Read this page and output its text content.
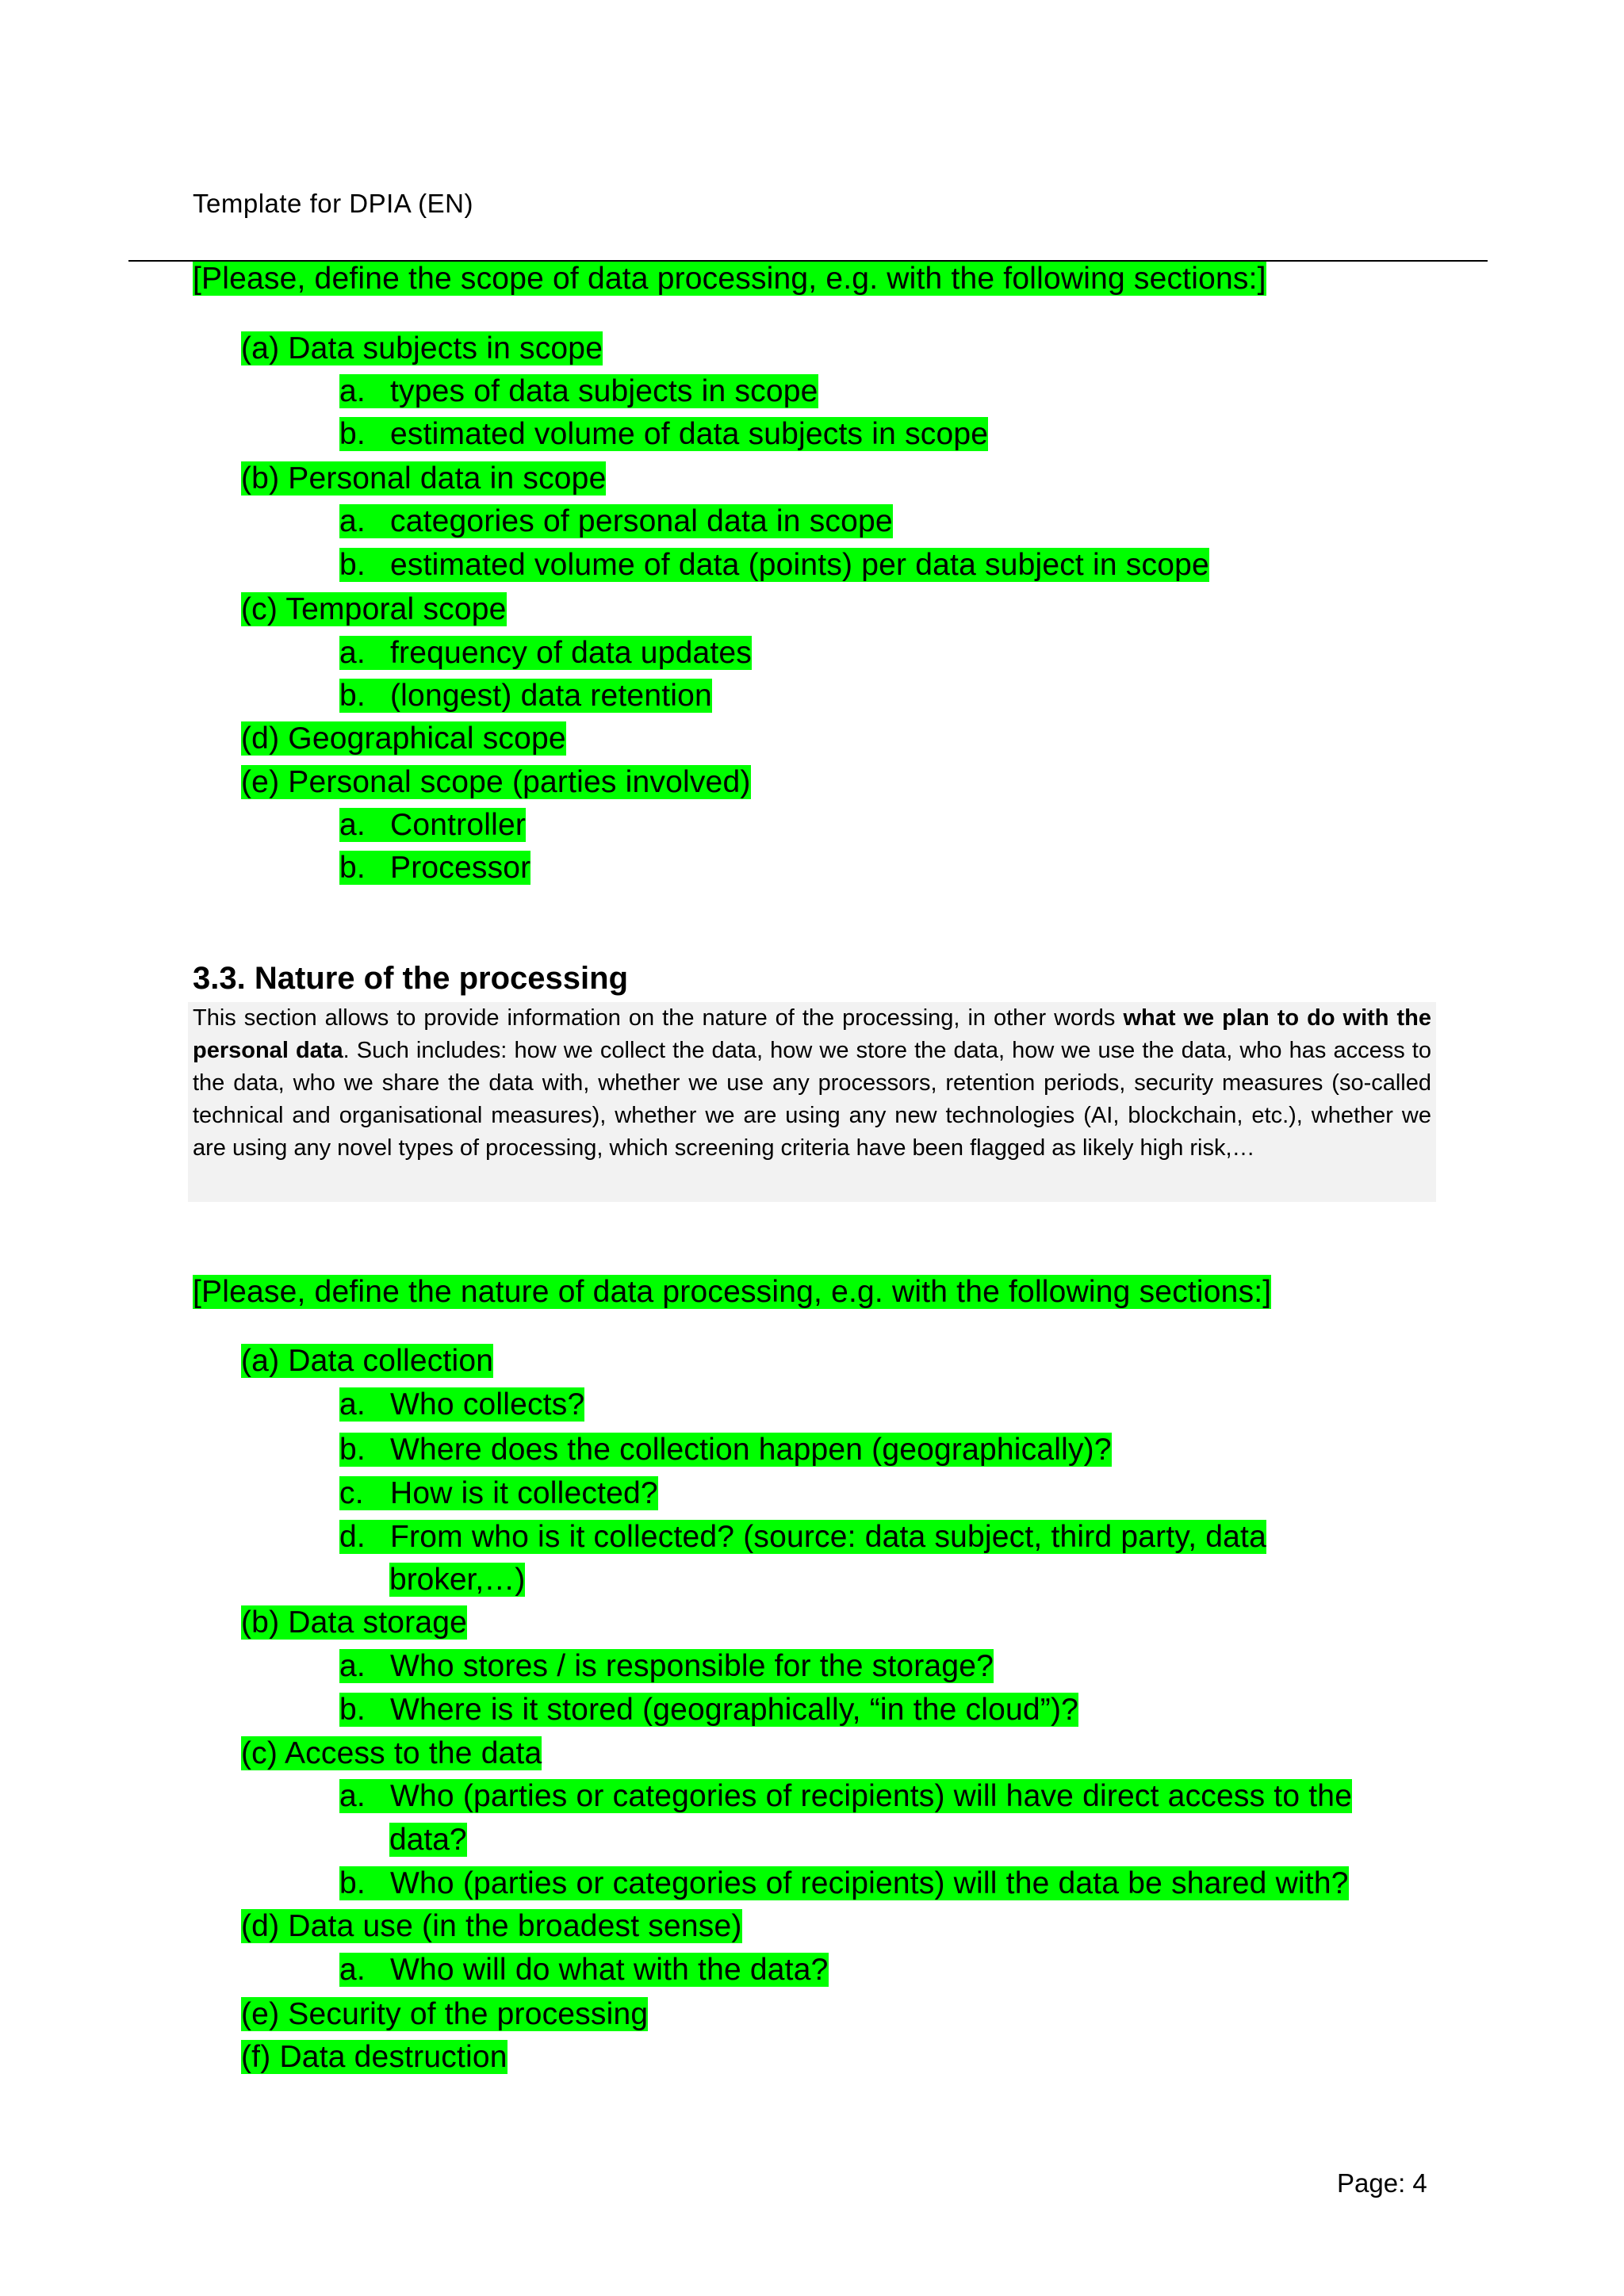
Template for DPIA (EN)
[Please, define the scope of data processing, e.g. with the following sections:]
(a) Data subjects in scope
a. types of data subjects in scope
b. estimated volume of data subjects in scope
(b) Personal data in scope
a. categories of personal data in scope
b. estimated volume of data (points) per data subject in scope
(c) Temporal scope
a. frequency of data updates
b. (longest) data retention
(d) Geographical scope
(e) Personal scope (parties involved)
a. Controller
b. Processor
3.3. Nature of the processing

This section allows to provide information on the nature of the processing, in other words what we plan to do with the personal data. Such includes: how we collect the data, how we store the data, how we use the data, who has access to the data, who we share the data with, whether we use any processors, retention periods, security measures (so-called technical and organisational measures), whether we are using any new technologies (AI, blockchain, etc.), whether we are using any novel types of processing, which screening criteria have been flagged as likely high risk,…

[Please, define the nature of data processing, e.g. with the following sections:]
(a) Data collection
a. Who collects?
b. Where does the collection happen (geographically)?
c. How is it collected?
d. From who is it collected? (source: data subject, third party, data
broker,…)
(b) Data storage
a. Who stores / is responsible for the storage?
b. Where is it stored (geographically, “in the cloud”)?
(c) Access to the data
a. Who (parties or categories of recipients) will have direct access to the
data?
b. Who (parties or categories of recipients) will the data be shared with?
(d) Data use (in the broadest sense)
a. Who will do what with the data?
(e) Security of the processing
(f) Data destruction
Page: 4
